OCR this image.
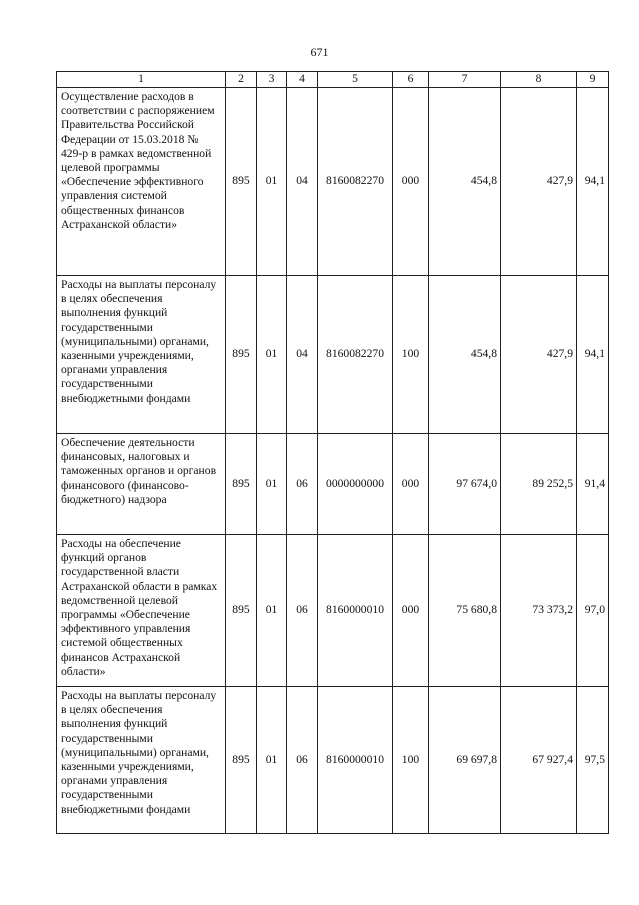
671
1	2	3	4	5	6	7	8	9
Осуществление расходов в соответствии с распоряжением Правительства Российской Федерации от 15.03.2018 № 429-р в рамках ведомственной целевой программы «Обеспечение эффективного управления системой общественных финансов Астраханской области»	895	01	04	8160082270	000	454,8	427,9	94,1
Расходы на выплаты персоналу в целях обеспечения выполнения функций государственными (муниципальными) органами, казенными учреждениями, органами управления государственными внебюджетными фондами	895	01	04	8160082270	100	454,8	427,9	94,1
Обеспечение деятельности финансовых, налоговых и таможенных органов и органов финансового (финансово-бюджетного) надзора	895	01	06	0000000000	000	97 674,0	89 252,5	91,4
Расходы на обеспечение функций органов государственной власти Астраханской области в рамках ведомственной целевой программы «Обеспечение эффективного управления системой общественных финансов Астраханской области»	895	01	06	8160000010	000	75 680,8	73 373,2	97,0
Расходы на выплаты персоналу в целях обеспечения выполнения функций государственными (муниципальными) органами, казенными учреждениями, органами управления государственными внебюджетными фондами	895	01	06	8160000010	100	69 697,8	67 927,4	97,5
